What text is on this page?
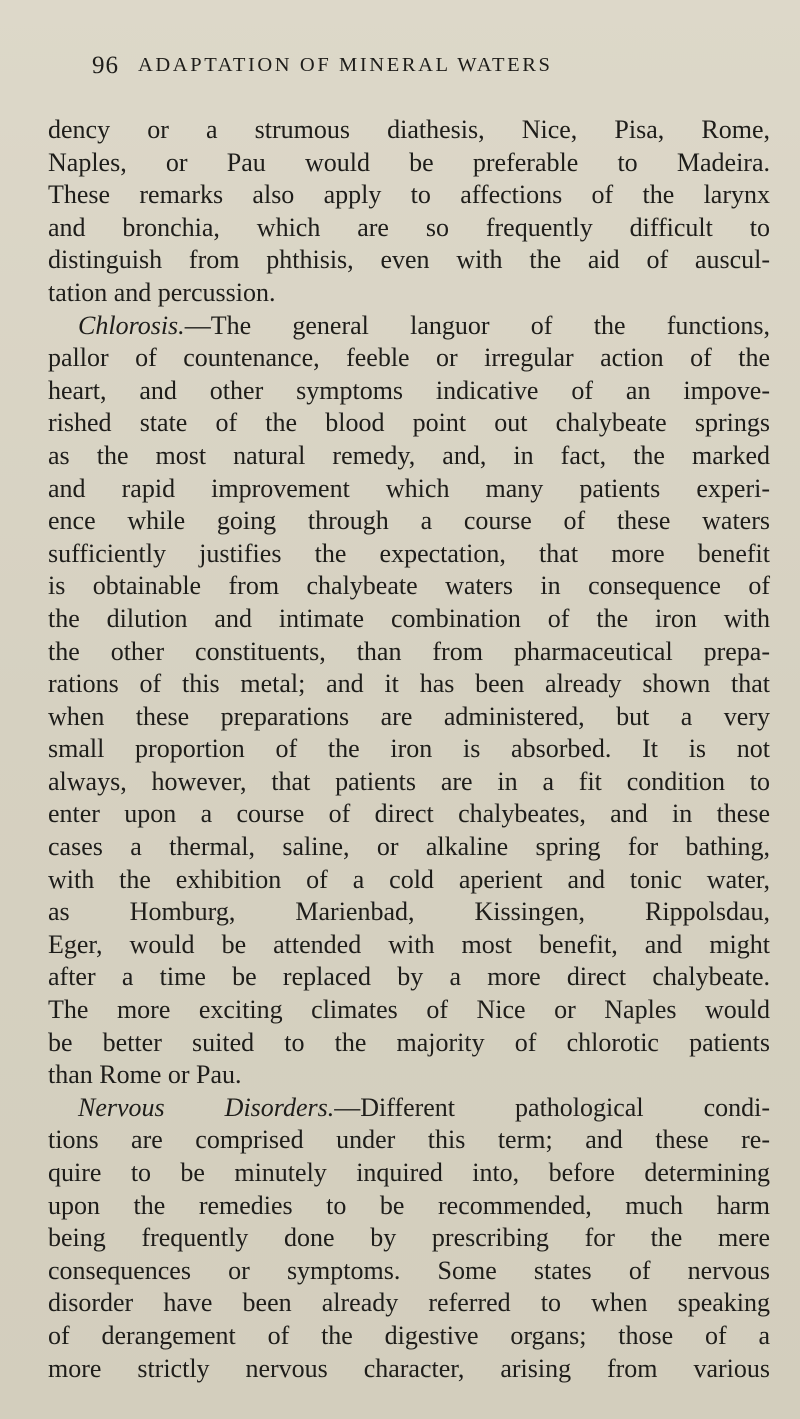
96 ADAPTATION OF MINERAL WATERS
dency or a strumous diathesis, Nice, Pisa, Rome,
Naples, or Pau would be preferable to Madeira.
These remarks also apply to affections of the larynx
and bronchia, which are so frequently difficult to
distinguish from phthisis, even with the aid of auscul-
tation and percussion.
Chlorosis.—The general languor of the functions,
pallor of countenance, feeble or irregular action of the
heart, and other symptoms indicative of an impove-
rished state of the blood point out chalybeate springs
as the most natural remedy, and, in fact, the marked
and rapid improvement which many patients experi-
ence while going through a course of these waters
sufficiently justifies the expectation, that more benefit
is obtainable from chalybeate waters in consequence of
the dilution and intimate combination of the iron with
the other constituents, than from pharmaceutical prepa-
rations of this metal; and it has been already shown that
when these preparations are administered, but a very
small proportion of the iron is absorbed. It is not
always, however, that patients are in a fit condition to
enter upon a course of direct chalybeates, and in these
cases a thermal, saline, or alkaline spring for bathing,
with the exhibition of a cold aperient and tonic water,
as Homburg, Marienbad, Kissingen, Rippolsdau,
Eger, would be attended with most benefit, and might
after a time be replaced by a more direct chalybeate.
The more exciting climates of Nice or Naples would
be better suited to the majority of chlorotic patients
than Rome or Pau.
Nervous Disorders.—Different pathological condi-
tions are comprised under this term; and these re-
quire to be minutely inquired into, before determining
upon the remedies to be recommended, much harm
being frequently done by prescribing for the mere
consequences or symptoms. Some states of nervous
disorder have been already referred to when speaking
of derangement of the digestive organs; those of a
more strictly nervous character, arising from various
